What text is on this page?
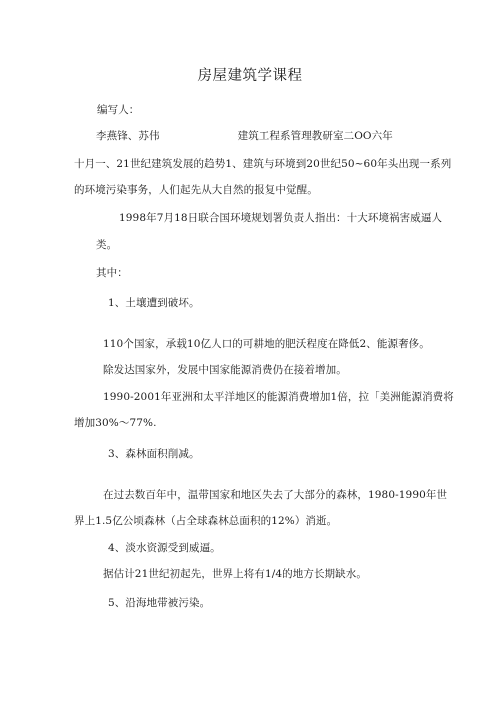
房屋建筑学课程
编写人：
李燕锋、苏伟	建筑工程系管理教研室二OO六年
十月一、21世纪建筑发展的趋势1、建筑与环境到20世纪50~60年头出现一系列
的环境污染事务，人们起先从大自然的报复中觉醒。
1998年7月18日联合国环境规划署负责人指出：十大环境祸害威逼人
类。
其中：
1、土壤遭到破坏。
110个国家，承载10亿人口的可耕地的肥沃程度在降低2、能源奢侈。
除发达国家外，发展中国家能源消费仍在接着增加。
1990-2001年亚洲和太平洋地区的能源消费增加1倍，拉「美洲能源消费将
增加30%～77%.
3、森林面积削减。
在过去数百年中，温带国家和地区失去了大部分的森林，1980-1990年世
界上1.5亿公顷森林（占全球森林总面积的12%）消逝。
4、淡水资源受到威逼。
据估计21世纪初起先，世界上将有1/4的地方长期缺水。
5、沿海地带被污染。
